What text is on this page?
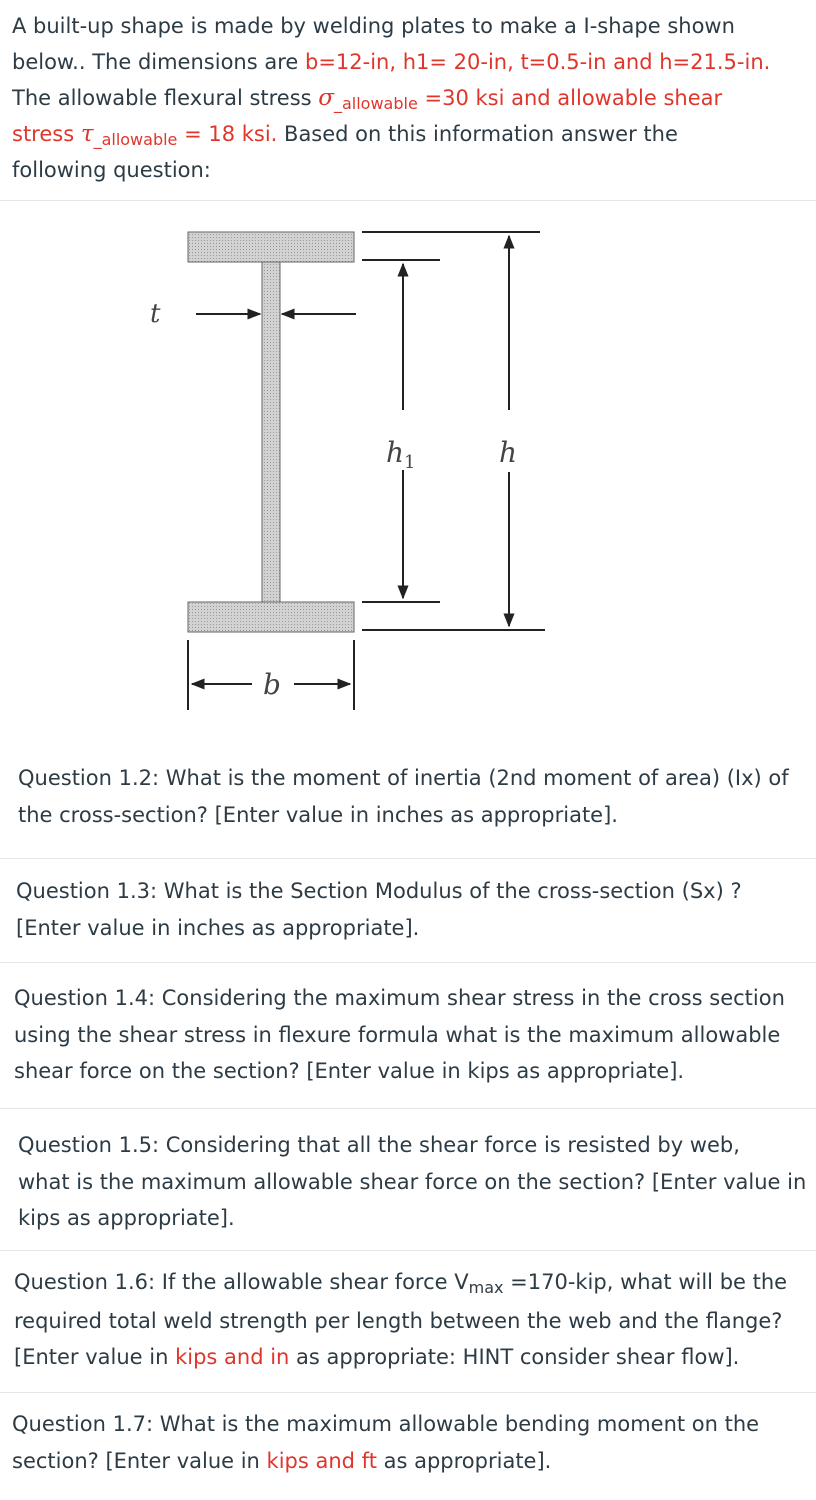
A built-up shape is made by welding plates to make a I-shape shown
below.. The dimensions are b=12-in, h1= 20-in, t=0.5-in and h=21.5-in.
The allowable flexural stress σ_allowable =30 ksi and allowable shear
stress τ_allowable = 18 ksi. Based on this information answer the
following question:
t
$h_1$	h
b
Question 1.2: What is the moment of inertia (2nd moment of area) (Ix) of
the cross-section? [Enter value in inches as appropriate].
Question 1.3: What is the Section Modulus of the cross-section (Sx) ?
[Enter value in inches as appropriate].
Question 1.4: Considering the maximum shear stress in the cross section
using the shear stress in flexure formula what is the maximum allowable
shear force on the section? [Enter value in kips as appropriate].
Question 1.5: Considering that all the shear force is resisted by web,
what is the maximum allowable shear force on the section? [Enter value in
kips as appropriate].
Question 1.6: If the allowable shear force Vmax =170-kip, what will be the
required total weld strength per length between the web and the flange?
[Enter value in kips and in as appropriate: HINT consider shear flow].
Question 1.7: What is the maximum allowable bending moment on the
section? [Enter value in kips and ft as appropriate].
